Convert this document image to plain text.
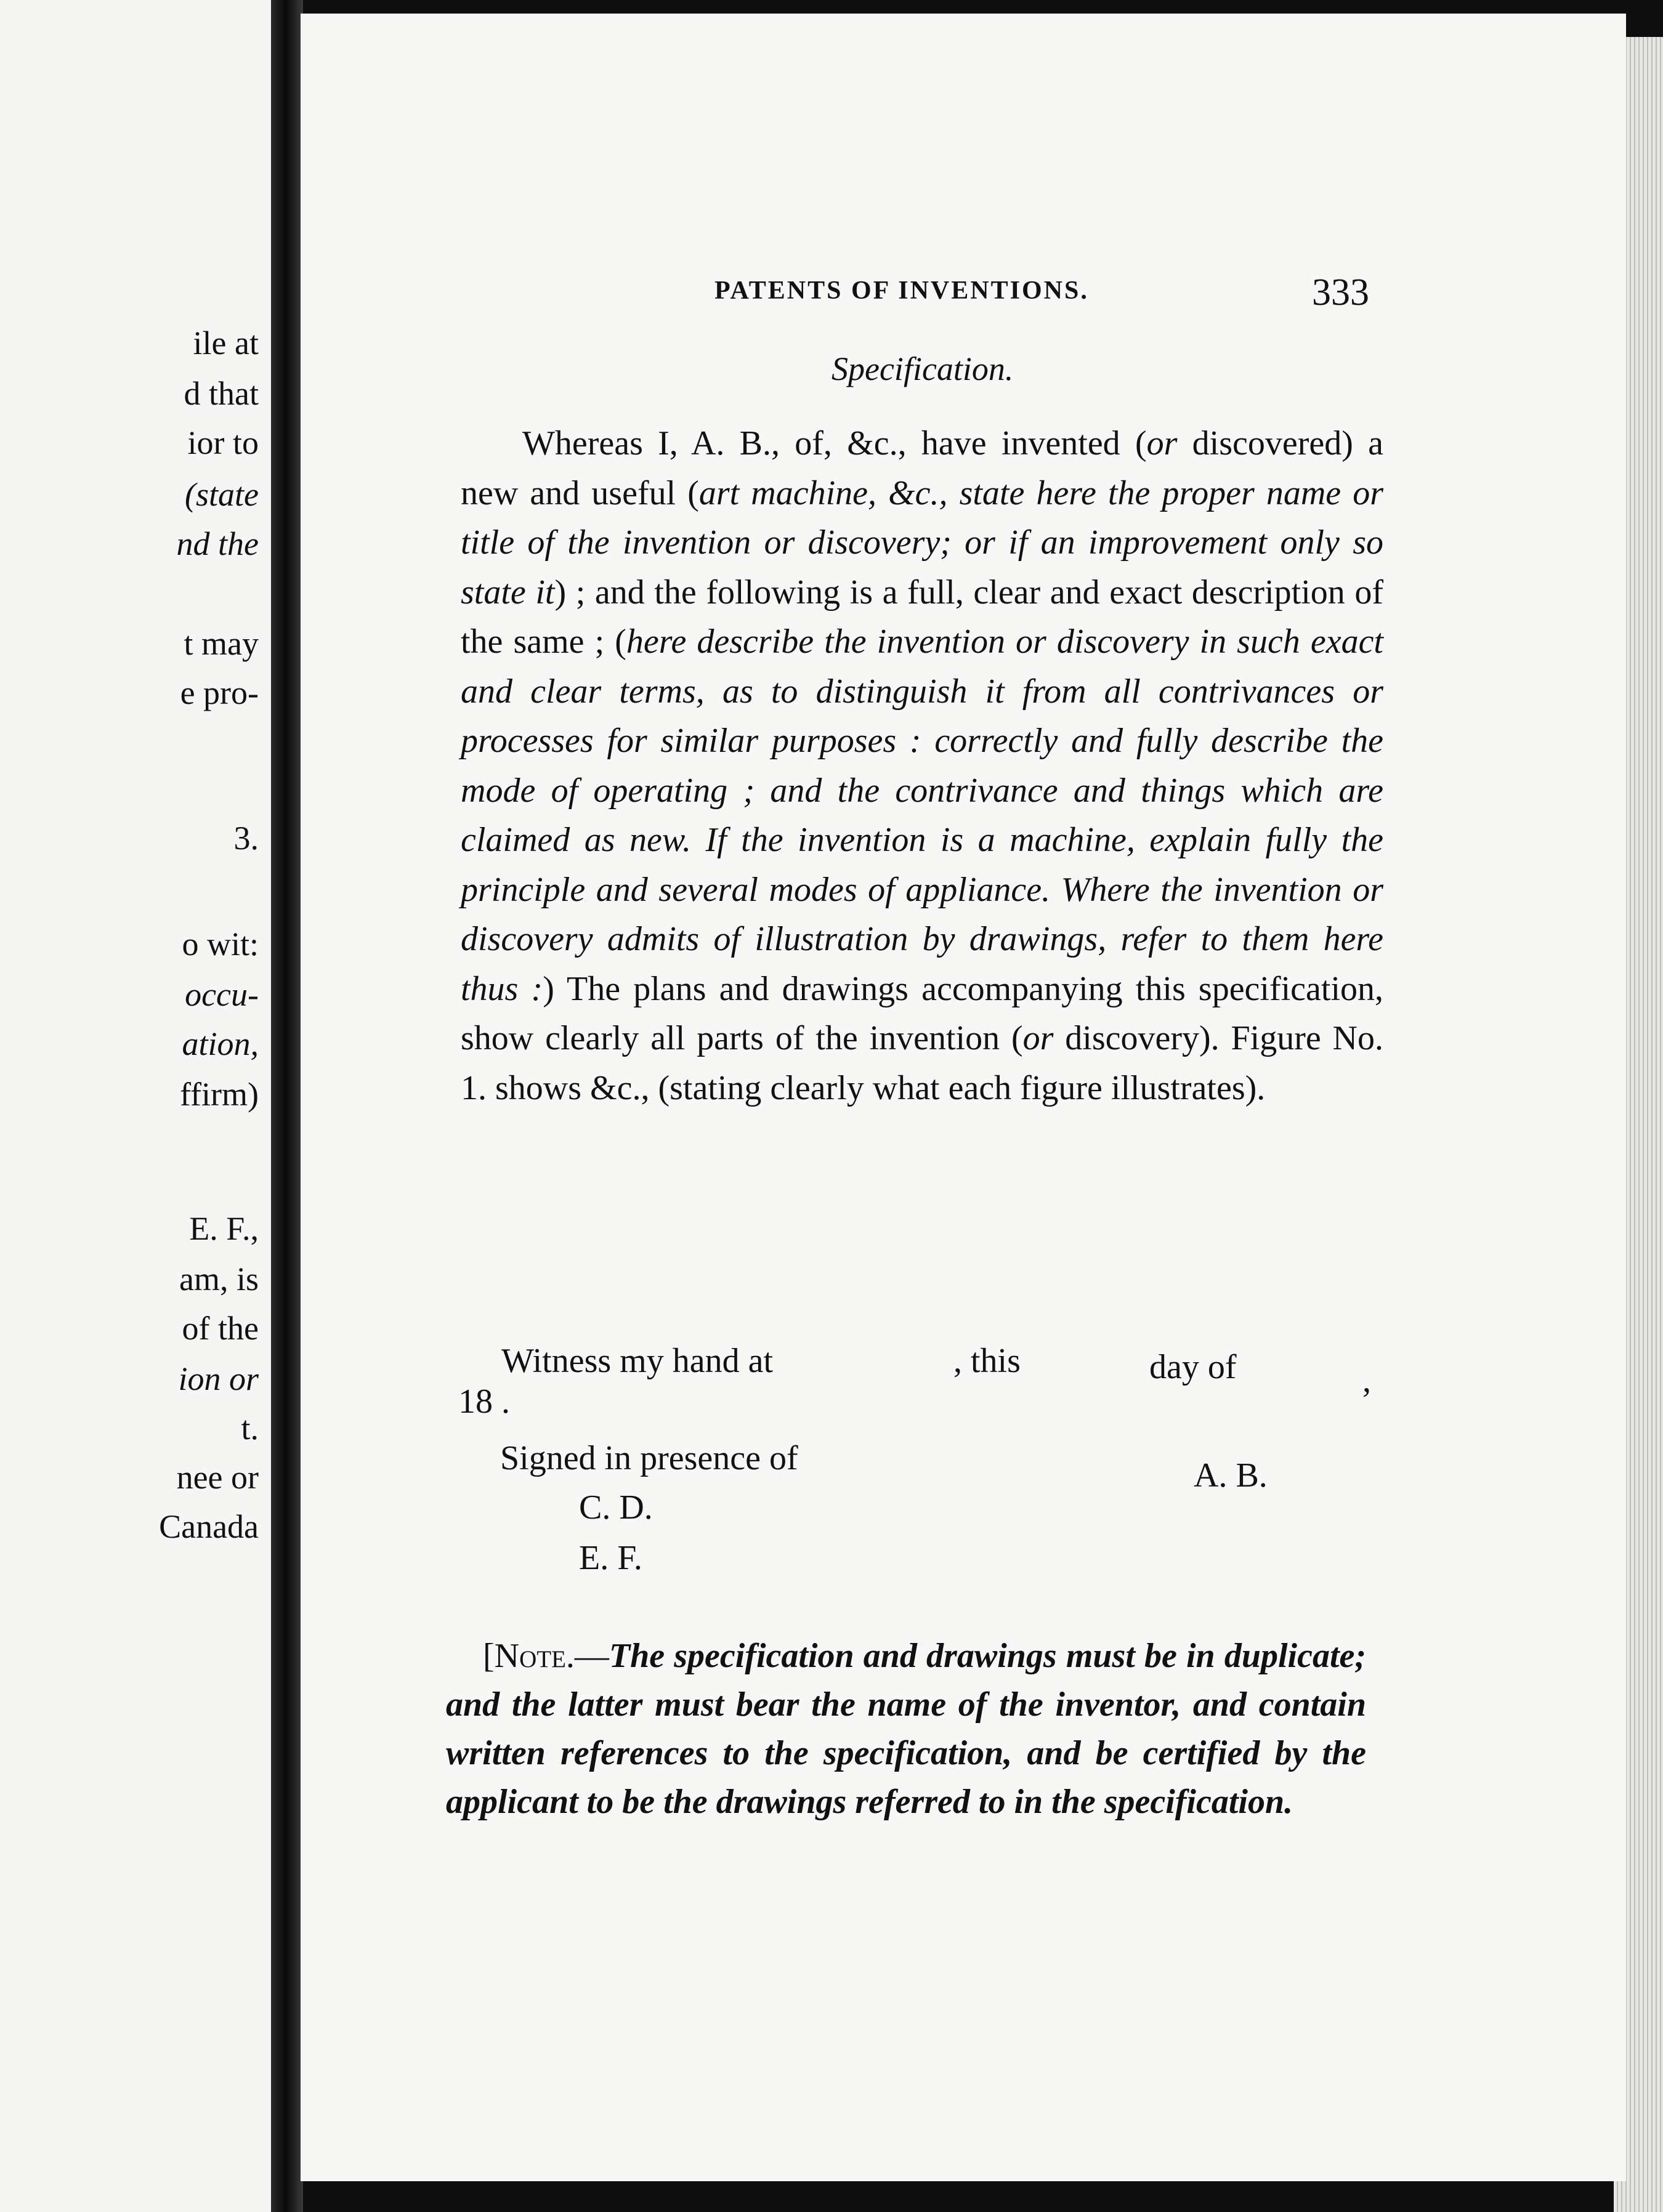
ile at
d that
ior to
(state
nd the
t may
e pro-
3.
o wit:
occu-
ation,
ffirm)
E. F.,
am, is
of the
ion or
t.
nee or
Canada
PATENTS OF INVENTIONS.	333
Specification.
Whereas I, A. B., of, &c., have invented (or discovered) a new and useful (art machine, &c., state here the proper name or title of the invention or discovery; or if an improvement only so state it) ; and the following is a full, clear and exact description of the same ; (here describe the invention or discovery in such exact and clear terms, as to distinguish it from all contrivances or processes for similar purposes : correctly and fully describe the mode of operating ; and the contrivance and things which are claimed as new. If the invention is a machine, explain fully the principle and several modes of appliance. Where the invention or discovery admits of illustration by drawings, refer to them here thus :) The plans and drawings accompanying this specification, show clearly all parts of the invention (or discovery). Figure No. 1. shows &c., (stating clearly what each figure illustrates).
Witness my hand at	, this	day of	,
18 .
Signed in presence of	A. B.
C. D.
E. F.
[Note.—The specification and drawings must be in duplicate; and the latter must bear the name of the inventor, and contain written references to the specification, and be certified by the applicant to be the drawings referred to in the specification.
